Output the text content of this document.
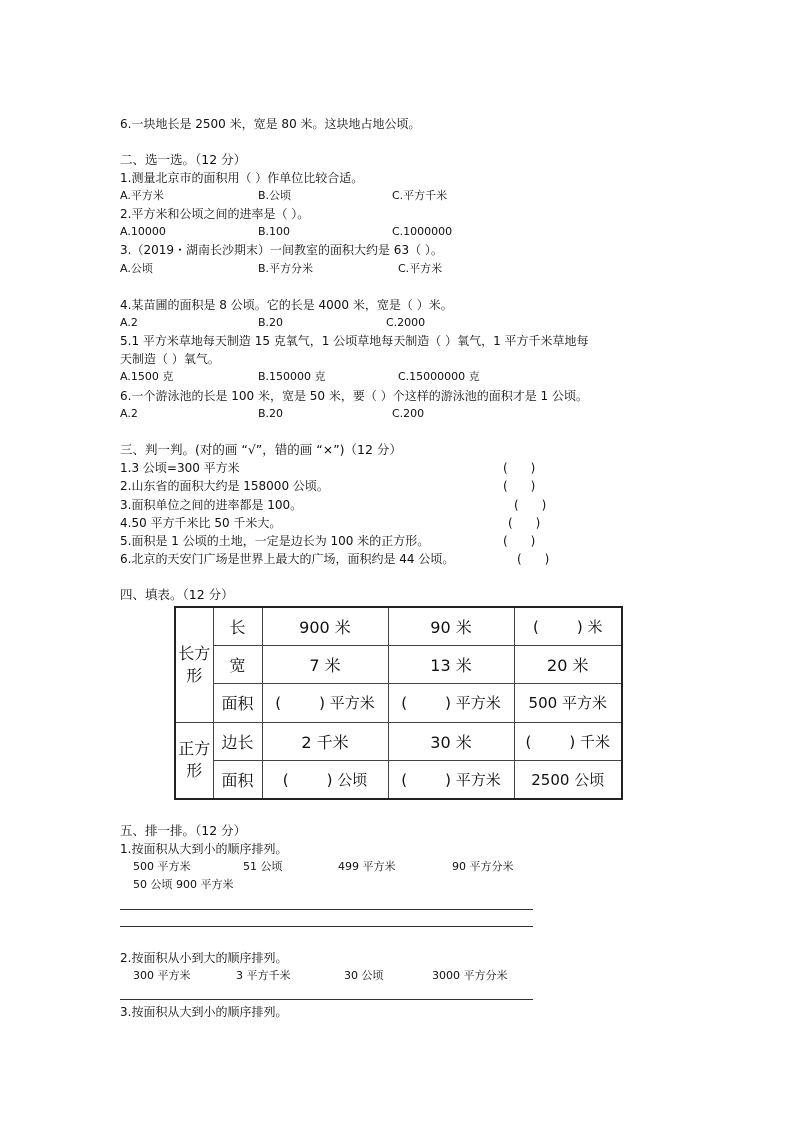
6.一块地长是 2500 米，宽是 80 米。这块地占地公顷。
二、选一选。（12 分）
1.测量北京市的面积用（ ）作单位比较合适。
A.平方米	B.公顷	C.平方千米
2.平方米和公顷之间的进率是（ ）。
A.10000	B.100	C.1000000
3.（2019・湖南长沙期末）一间教室的面积大约是 63（ ）。
A.公顷	B.平方分米	C.平方米
4.某苗圃的面积是 8 公顷。它的长是 4000 米，宽是（ ）米。
A.2	B.20	C.2000
5.1 平方米草地每天制造 15 克氧气，1 公顷草地每天制造（ ）氧气，1 平方千米草地每
天制造（ ）氧气。
A.1500 克	B.150000 克	C.15000000 克
6.一个游泳池的长是 100 米，宽是 50 米，要（ ）个这样的游泳池的面积才是 1 公顷。
A.2	B.20	C.200
三、判一判。(对的画 “√”，错的画 “×”)（12 分）
1.3 公顷=300 平方米	(      )
2.山东省的面积大约是 158000 公顷。	(      )
3.面积单位之间的进率都是 100。	(      )
4.50 平方千米比 50 千米大。	(      )
5.面积是 1 公顷的土地，一定是边长为 100 米的正方形。	(      )
6.北京的天安门广场是世界上最大的广场，面积约是 44 公顷。	(      )
四、填表。（12 分）
长方形	长	900 米	90 米	(        ) 米
	宽	7 米	13 米	20 米
	面积	(        ) 平方米	(        ) 平方米	500 平方米
正方形	边长	2 千米	30 米	(        ) 千米
	面积	(        ) 公顷	(        ) 平方米	2500 公顷
五、排一排。（12 分）
1.按面积从大到小的顺序排列。
500 平方米	51 公顷	499 平方米	90 平方分米
50 公顷 900 平方米
2.按面积从小到大的顺序排列。
300 平方米	3 平方千米	30 公顷	3000 平方分米
3.按面积从大到小的顺序排列。
